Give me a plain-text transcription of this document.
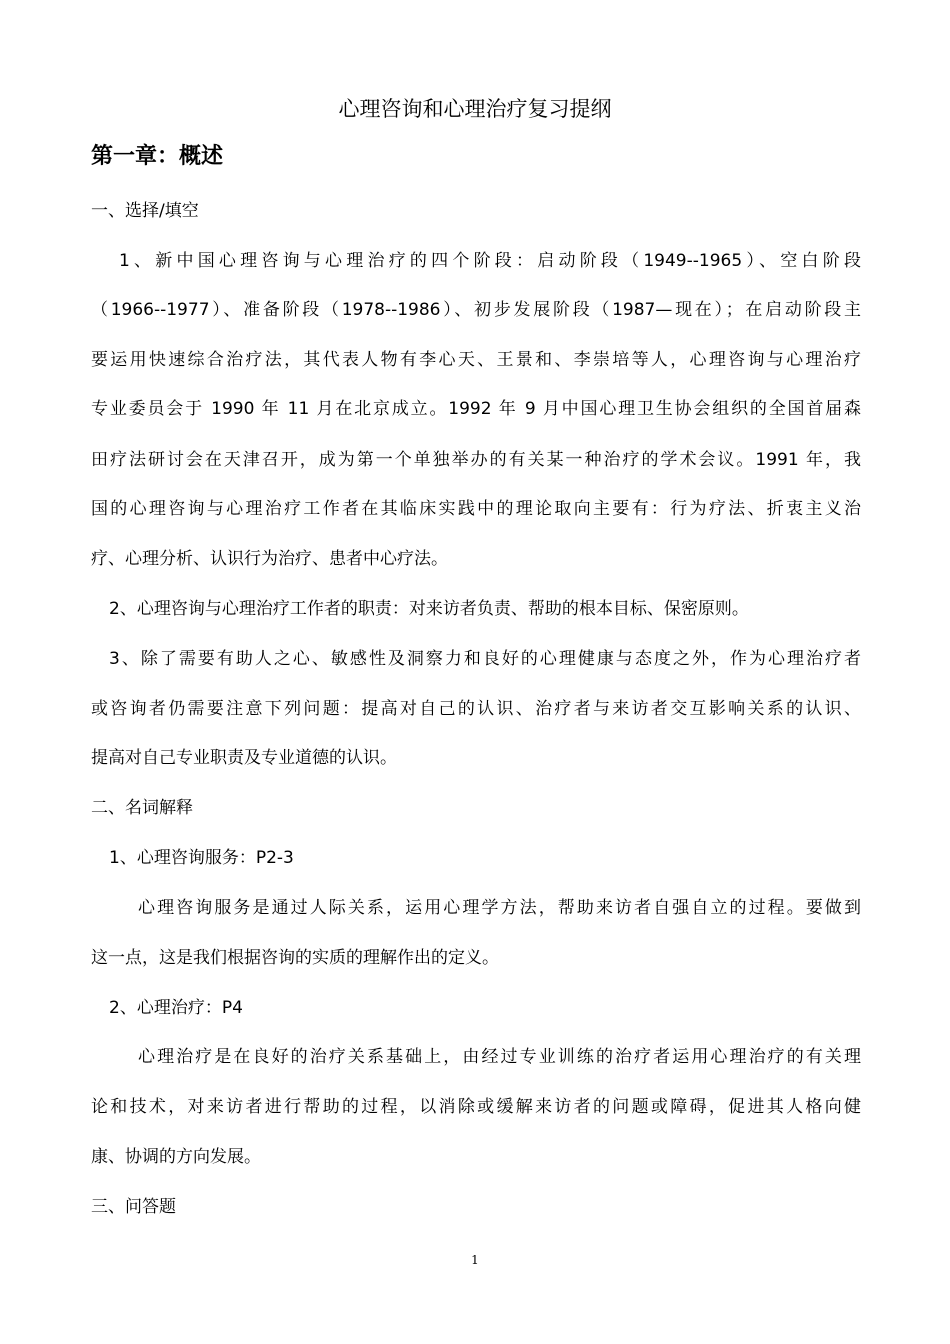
心理咨询和心理治疗复习提纲
第一章：概述
一、选择/填空
1、新中国心理咨询与心理治疗的四个阶段：启动阶段（1949--1965）、空白阶段
（1966--1977）、准备阶段（1978--1986）、初步发展阶段（1987—现在）；在启动阶段主
要运用快速综合治疗法，其代表人物有李心天、王景和、李崇培等人，心理咨询与心理治疗
专业委员会于 1990 年 11 月在北京成立。1992 年 9 月中国心理卫生协会组织的全国首届森
田疗法研讨会在天津召开，成为第一个单独举办的有关某一种治疗的学术会议。1991 年，我
国的心理咨询与心理治疗工作者在其临床实践中的理论取向主要有：行为疗法、折衷主义治
疗、心理分析、认识行为治疗、患者中心疗法。
2、心理咨询与心理治疗工作者的职责：对来访者负责、帮助的根本目标、保密原则。
3、除了需要有助人之心、敏感性及洞察力和良好的心理健康与态度之外，作为心理治疗者
或咨询者仍需要注意下列问题：提高对自己的认识、治疗者与来访者交互影响关系的认识、
提高对自己专业职责及专业道德的认识。
二、名词解释
1、心理咨询服务：P2-3
心理咨询服务是通过人际关系，运用心理学方法，帮助来访者自强自立的过程。要做到
这一点，这是我们根据咨询的实质的理解作出的定义。
2、心理治疗：P4
心理治疗是在良好的治疗关系基础上，由经过专业训练的治疗者运用心理治疗的有关理
论和技术，对来访者进行帮助的过程，以消除或缓解来访者的问题或障碍，促进其人格向健
康、协调的方向发展。
三、问答题
1
